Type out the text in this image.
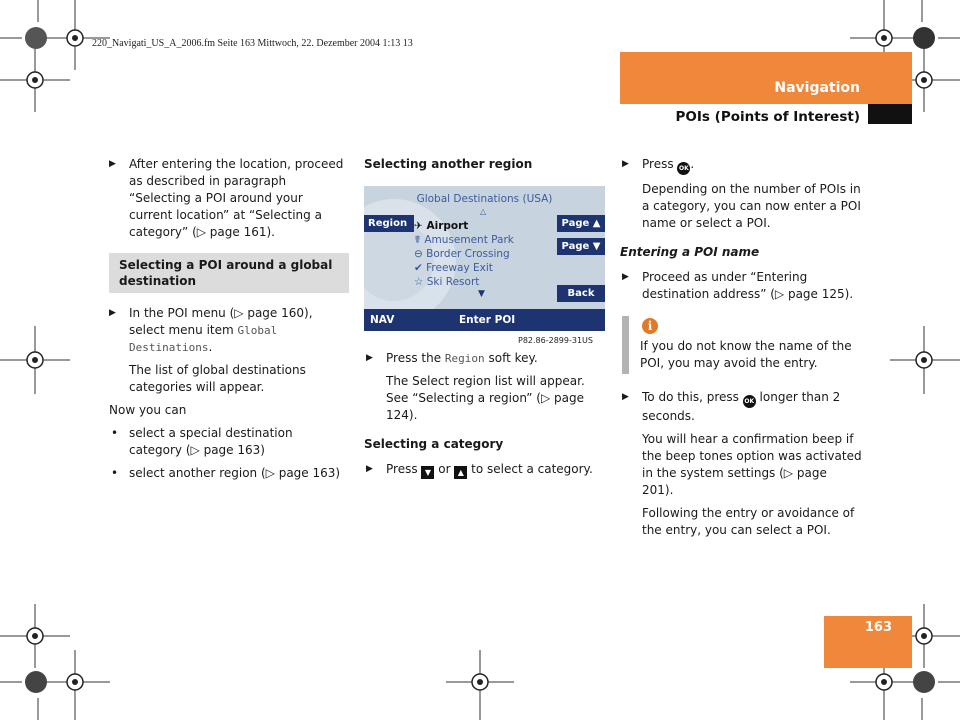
220_Navigati_US_A_2006.fm Seite 163 Mittwoch, 22. Dezember 2004 1:13 13
Navigation
POIs (Points of Interest)
▶ After entering the location, proceed as described in paragraph “Selecting a POI around your current location” at “Selecting a category” (▷ page 161).
Selecting a POI around a global destination
▶ In the POI menu (▷ page 160), select menu item Global Destinations.
The list of global destinations categories will appear.
Now you can
• select a special destination category (▷ page 163)
• select another region (▷ page 163)
Selecting another region
Global Destinations (USA)
△
Region ✈ Airport
☤ Amusement Park
⊖ Border Crossing
✔ Freeway Exit
☆ Ski Resort
▼
Page ▲
Page ▼
Back
NAV	Enter POI
P82.86-2899-31US
▶ Press the Region soft key.
The Select region list will appear. See “Selecting a region” (▷ page 124).
Selecting a category
▶ Press ▼ or ▲ to select a category.
▶ Press OK .
Depending on the number of POIs in a category, you can now enter a POI name or select a POI.
Entering a POI name
▶ Proceed as under “Entering destination address” (▷ page 125).
i
If you do not know the name of the POI, you may avoid the entry.
▶ To do this, press OK longer than 2 seconds.
You will hear a confirmation beep if the beep tones option was activated in the system settings (▷ page 201).
Following the entry or avoidance of the entry, you can select a POI.
163
